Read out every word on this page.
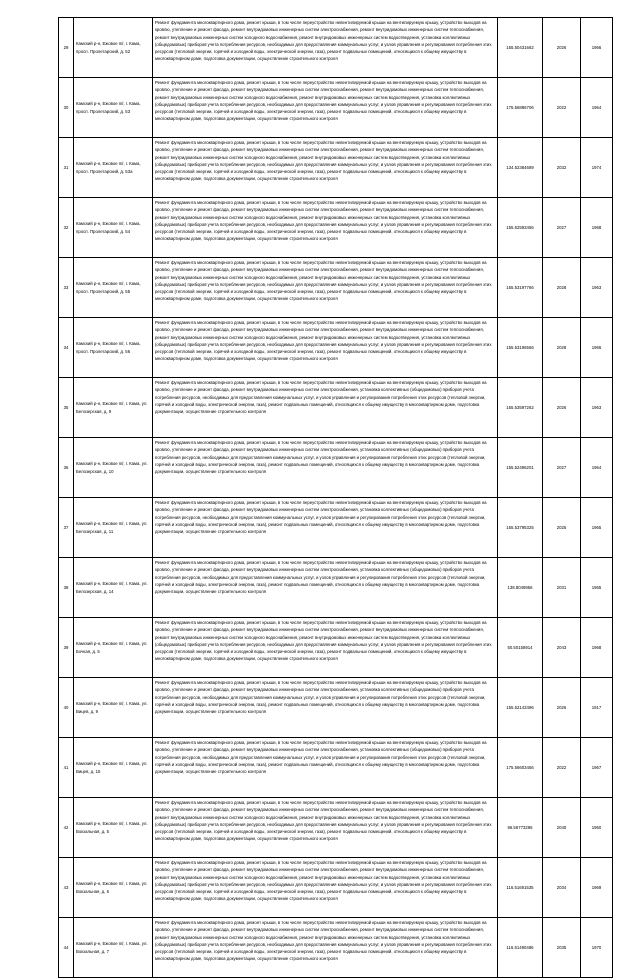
29	Камский р-н, Ежовое п/г, г. Кама, просп. Пролетарский, д. 52	Ремонт фундамента многоквартирного дома, ремонт крыши, в том числе переустройство невентилируемой крыши на вентилируемую крышу, устройство выходов на кровлю, утепление и ремонт фасада, ремонт внутридомовых инженерных систем электроснабжения, ремонт внутридомовых инженерных систем теплоснабжения, ремонт внутридомовых инженерных систем холодного водоснабжения, ремонт внутридомовых инженерных систем водоотведения, установка коллективных (общедомовых) приборов учета потребления ресурсов, необходимых для предоставления коммунальных услуг, и узлов управления и регулирования потребления этих ресурсов (тепловой энергии, горячей и холодной воды, электрической энергии, газа), ремонт подвальных помещений, относящихся к общему имуществу в многоквартирном доме, подготовка документации, осуществление строительного контроля	155.50431662	2026	1966
30	Камский р-н, Ежовое п/г, г. Кама, просп. Пролетарский, д. 53	Ремонт фундамента многоквартирного дома, ремонт крыши, в том числе переустройство невентилируемой крыши на вентилируемую крышу, устройство выходов на кровлю, утепление и ремонт фасада, ремонт внутридомовых инженерных систем электроснабжения, ремонт внутридомовых инженерных систем теплоснабжения, ремонт внутридомовых инженерных систем холодного водоснабжения, ремонт внутридомовых инженерных систем водоотведения, установка коллективных (общедомовых) приборов учета потребления ресурсов, необходимых для предоставления коммунальных услуг, и узлов управления и регулирования потребления этих ресурсов (тепловой энергии, горячей и холодной воды, электрической энергии, газа), ремонт подвальных помещений, относящихся к общему имуществу в многоквартирном доме, подготовка документации, осуществление строительного контроля	175.56886706	2022	1964
31	Камский р-н, Ежовое п/г, г. Кама, просп. Пролетарский, д. 53а	Ремонт фундамента многоквартирного дома, ремонт крыши, в том числе переустройство невентилируемой крыши на вентилируемую крышу, устройство выходов на кровлю, утепление и ремонт фасада, ремонт внутридомовых инженерных систем электроснабжения, ремонт внутридомовых инженерных систем теплоснабжения, ремонт внутридомовых инженерных систем холодного водоснабжения, ремонт внутридомовых инженерных систем водоотведения, установка коллективных (общедомовых) приборов учета потребления ресурсов, необходимых для предоставления коммунальных услуг, и узлов управления и регулирования потребления этих ресурсов (тепловой энергии, горячей и холодной воды, электрической энергии, газа), ремонт подвальных помещений, относящихся к общему имуществу в многоквартирном доме, подготовка документации, осуществление строительного контроля	134.52384689	2032	1974
32	Камский р-н, Ежовое п/г, г. Кама, просп. Пролетарский, д. 54	Ремонт фундамента многоквартирного дома, ремонт крыши, в том числе переустройство невентилируемой крыши на вентилируемую крышу, устройство выходов на кровлю, утепление и ремонт фасада, ремонт внутридомовых инженерных систем электроснабжения, ремонт внутридомовых инженерных систем теплоснабжения, ремонт внутридомовых инженерных систем холодного водоснабжения, ремонт внутридомовых инженерных систем водоотведения, установка коллективных (общедомовых) приборов учета потребления ресурсов, необходимых для предоставления коммунальных услуг, и узлов управления и регулирования потребления этих ресурсов (тепловой энергии, горячей и холодной воды, электрической энергии, газа), ремонт подвальных помещений, относящихся к общему имуществу в многоквартирном доме, подготовка документации, осуществление строительного контроля	155.52593456	2027	1968
33	Камский р-н, Ежовое п/г, г. Кама, просп. Пролетарский, д. 55	Ремонт фундамента многоквартирного дома, ремонт крыши, в том числе переустройство невентилируемой крыши на вентилируемую крышу, устройство выходов на кровлю, утепление и ремонт фасада, ремонт внутридомовых инженерных систем электроснабжения, ремонт внутридомовых инженерных систем теплоснабжения, ремонт внутридомовых инженерных систем холодного водоснабжения, ремонт внутридомовых инженерных систем водоотведения, установка коллективных (общедомовых) приборов учета потребления ресурсов, необходимых для предоставления коммунальных услуг, и узлов управления и регулирования потребления этих ресурсов (тепловой энергии, горячей и холодной воды, электрической энергии, газа), ремонт подвальных помещений, относящихся к общему имуществу в многоквартирном доме, подготовка документации, осуществление строительного контроля	155.53197766	2028	1963
34	Камский р-н, Ежовое п/г, г. Кама, просп. Пролетарский, д. 56	Ремонт фундамента многоквартирного дома, ремонт крыши, в том числе переустройство невентилируемой крыши на вентилируемую крышу, устройство выходов на кровлю, утепление и ремонт фасада, ремонт внутридомовых инженерных систем электроснабжения, ремонт внутридомовых инженерных систем теплоснабжения, ремонт внутридомовых инженерных систем холодного водоснабжения, ремонт внутридомовых инженерных систем водоотведения, установка коллективных (общедомовых) приборов учета потребления ресурсов, необходимых для предоставления коммунальных услуг, и узлов управления и регулирования потребления этих ресурсов (тепловой энергии, горячей и холодной воды, электрической энергии, газа), ремонт подвальных помещений, относящихся к общему имуществу в многоквартирном доме, подготовка документации, осуществление строительного контроля	155.53196566	2028	1966
35	Камский р-н, Ежовое п/г, г. Кама, ул. Белозерская, д. 9	Ремонт фундамента многоквартирного дома, ремонт крыши, в том числе переустройство невентилируемой крыши на вентилируемую крышу, устройство выходов на кровлю, утепление и ремонт фасада, ремонт внутридомовых инженерных систем электроснабжения, установка коллективных (общедомовых) приборов учета потребления ресурсов, необходимых для предоставления коммунальных услуг, и узлов управления и регулирования потребления этих ресурсов (тепловой энергии, горячей и холодной воды, электрической энергии, газа), ремонт подвальных помещений, относящихся к общему имуществу в многоквартирном доме, подготовка документации, осуществление строительного контроля	155.53597262	2026	1963
36	Камский р-н, Ежовое п/г, г. Кама, ул. Белозерская, д. 10	Ремонт фундамента многоквартирного дома, ремонт крыши, в том числе переустройство невентилируемой крыши на вентилируемую крышу, устройство выходов на кровлю, утепление и ремонт фасада, ремонт внутридомовых инженерных систем электроснабжения, установка коллективных (общедомовых) приборов учета потребления ресурсов, необходимых для предоставления коммунальных услуг, и узлов управления и регулирования потребления этих ресурсов (тепловой энергии, горячей и холодной воды, электрической энергии, газа), ремонт подвальных помещений, относящихся к общему имуществу в многоквартирном доме, подготовка документации, осуществление строительного контроля	155.52496201	2027	1964
37	Камский р-н, Ежовое п/г, г. Кама, ул. Белозерская, д. 11	Ремонт фундамента многоквартирного дома, ремонт крыши, в том числе переустройство невентилируемой крыши на вентилируемую крышу, устройство выходов на кровлю, утепление и ремонт фасада, ремонт внутридомовых инженерных систем электроснабжения, установка коллективных (общедомовых) приборов учета потребления ресурсов, необходимых для предоставления коммунальных услуг, и узлов управления и регулирования потребления этих ресурсов (тепловой энергии, горячей и холодной воды, электрической энергии, газа), ремонт подвальных помещений, относящихся к общему имуществу в многоквартирном доме, подготовка документации, осуществление строительного контроля	155.53795325	2025	1965
38	Камский р-н, Ежовое п/г, г. Кама, ул. Белозерская, д. 14	Ремонт фундамента многоквартирного дома, ремонт крыши, в том числе переустройство невентилируемой крыши на вентилируемую крышу, устройство выходов на кровлю, утепление и ремонт фасада, ремонт внутридомовых инженерных систем электроснабжения, установка коллективных (общедомовых) приборов учета потребления ресурсов, необходимых для предоставления коммунальных услуг, и узлов управления и регулирования потребления этих ресурсов (тепловой энергии, горячей и холодной воды, электрической энергии, газа), ремонт подвальных помещений, относящихся к общему имуществу в многоквартирном доме, подготовка документации, осуществление строительного контроля	138.8049956	2031	1965
39	Камский р-н, Ежовое п/г, г. Кама, ул. Бочкая, д. 5	Ремонт фундамента многоквартирного дома, ремонт крыши, в том числе переустройство невентилируемой крыши на вентилируемую крышу, устройство выходов на кровлю, утепление и ремонт фасада, ремонт внутридомовых инженерных систем электроснабжения, ремонт внутридомовых инженерных систем теплоснабжения, ремонт внутридомовых инженерных систем холодного водоснабжения, ремонт внутридомовых инженерных систем водоотведения, установка коллективных (общедомовых) приборов учета потребления ресурсов, необходимых для предоставления коммунальных услуг, и узлов управления и регулирования потребления этих ресурсов (тепловой энергии, горячей и холодной воды, электрической энергии, газа), ремонт подвальных помещений, относящихся к общему имуществу в многоквартирном доме, подготовка документации, осуществление строительного контроля	50.50158914	2043	1968
40	Камский р-н, Ежовое п/г, г. Кама, ул. Вицев, д. 9	Ремонт фундамента многоквартирного дома, ремонт крыши, в том числе переустройство невентилируемой крыши на вентилируемую крышу, устройство выходов на кровлю, утепление и ремонт фасада, ремонт внутридомовых инженерных систем электроснабжения, установка коллективных (общедомовых) приборов учета потребления ресурсов, необходимых для предоставления коммунальных услуг, и узлов управления и регулирования потребления этих ресурсов (тепловой энергии, горячей и холодной воды, электрической энергии, газа), ремонт подвальных помещений, относящихся к общему имуществу в многоквартирном доме, подготовка документации, осуществление строительного контроля	155.52143496	2026	1917
41	Камский р-н, Ежовое п/г, г. Кама, ул. Вицев, д. 15	Ремонт фундамента многоквартирного дома, ремонт крыши, в том числе переустройство невентилируемой крыши на вентилируемую крышу, устройство выходов на кровлю, утепление и ремонт фасада, ремонт внутридомовых инженерных систем электроснабжения, установка коллективных (общедомовых) приборов учета потребления ресурсов, необходимых для предоставления коммунальных услуг, и узлов управления и регулирования потребления этих ресурсов (тепловой энергии, горячей и холодной воды, электрической энергии, газа), ремонт подвальных помещений, относящихся к общему имуществу в многоквартирном доме, подготовка документации, осуществление строительного контроля	175.56603456	2022	1967
42	Камский р-н, Ежовое п/г, г. Кама, ул. Вокзальная, д. 5	Ремонт фундамента многоквартирного дома, ремонт крыши, в том числе переустройство невентилируемой крыши на вентилируемую крышу, устройство выходов на кровлю, утепление и ремонт фасада, ремонт внутридомовых инженерных систем электроснабжения, ремонт внутридомовых инженерных систем теплоснабжения, ремонт внутридомовых инженерных систем холодного водоснабжения, ремонт внутридомовых инженерных систем водоотведения, установка коллективных (общедомовых) приборов учета потребления ресурсов, необходимых для предоставления коммунальных услуг, и узлов управления и регулирования потребления этих ресурсов (тепловой энергии, горячей и холодной воды, электрической энергии, газа), ремонт подвальных помещений, относящихся к общему имуществу в многоквартирном доме, подготовка документации, осуществление строительного контроля	96.56773296	2040	1960
43	Камский р-н, Ежовое п/г, г. Кама, ул. Вокзальная, д. 5	Ремонт фундамента многоквартирного дома, ремонт крыши, в том числе переустройство невентилируемой крыши на вентилируемую крышу, устройство выходов на кровлю, утепление и ремонт фасада, ремонт внутридомовых инженерных систем электроснабжения, ремонт внутридомовых инженерных систем теплоснабжения, ремонт внутридомовых инженерных систем холодного водоснабжения, ремонт внутридомовых инженерных систем водоотведения, установка коллективных (общедомовых) приборов учета потребления ресурсов, необходимых для предоставления коммунальных услуг, и узлов управления и регулирования потребления этих ресурсов (тепловой энергии, горячей и холодной воды, электрической энергии, газа), ремонт подвальных помещений, относящихся к общему имуществу в многоквартирном доме, подготовка документации, осуществление строительного контроля	116.51691535	2034	1969
44	Камский р-н, Ежовое п/г, г. Кама, ул. Вокзальная, д. 7	Ремонт фундамента многоквартирного дома, ремонт крыши, в том числе переустройство невентилируемой крыши на вентилируемую крышу, устройство выходов на кровлю, утепление и ремонт фасада, ремонт внутридомовых инженерных систем электроснабжения, ремонт внутридомовых инженерных систем теплоснабжения, ремонт внутридомовых инженерных систем холодного водоснабжения, ремонт внутридомовых инженерных систем водоотведения, установка коллективных (общедомовых) приборов учета потребления ресурсов, необходимых для предоставления коммунальных услуг, и узлов управления и регулирования потребления этих ресурсов (тепловой энергии, горячей и холодной воды, электрической энергии, газа), ремонт подвальных помещений, относящихся к общему имуществу в многоквартирном доме, подготовка документации, осуществление строительного контроля	116.51490486	2035	1970
